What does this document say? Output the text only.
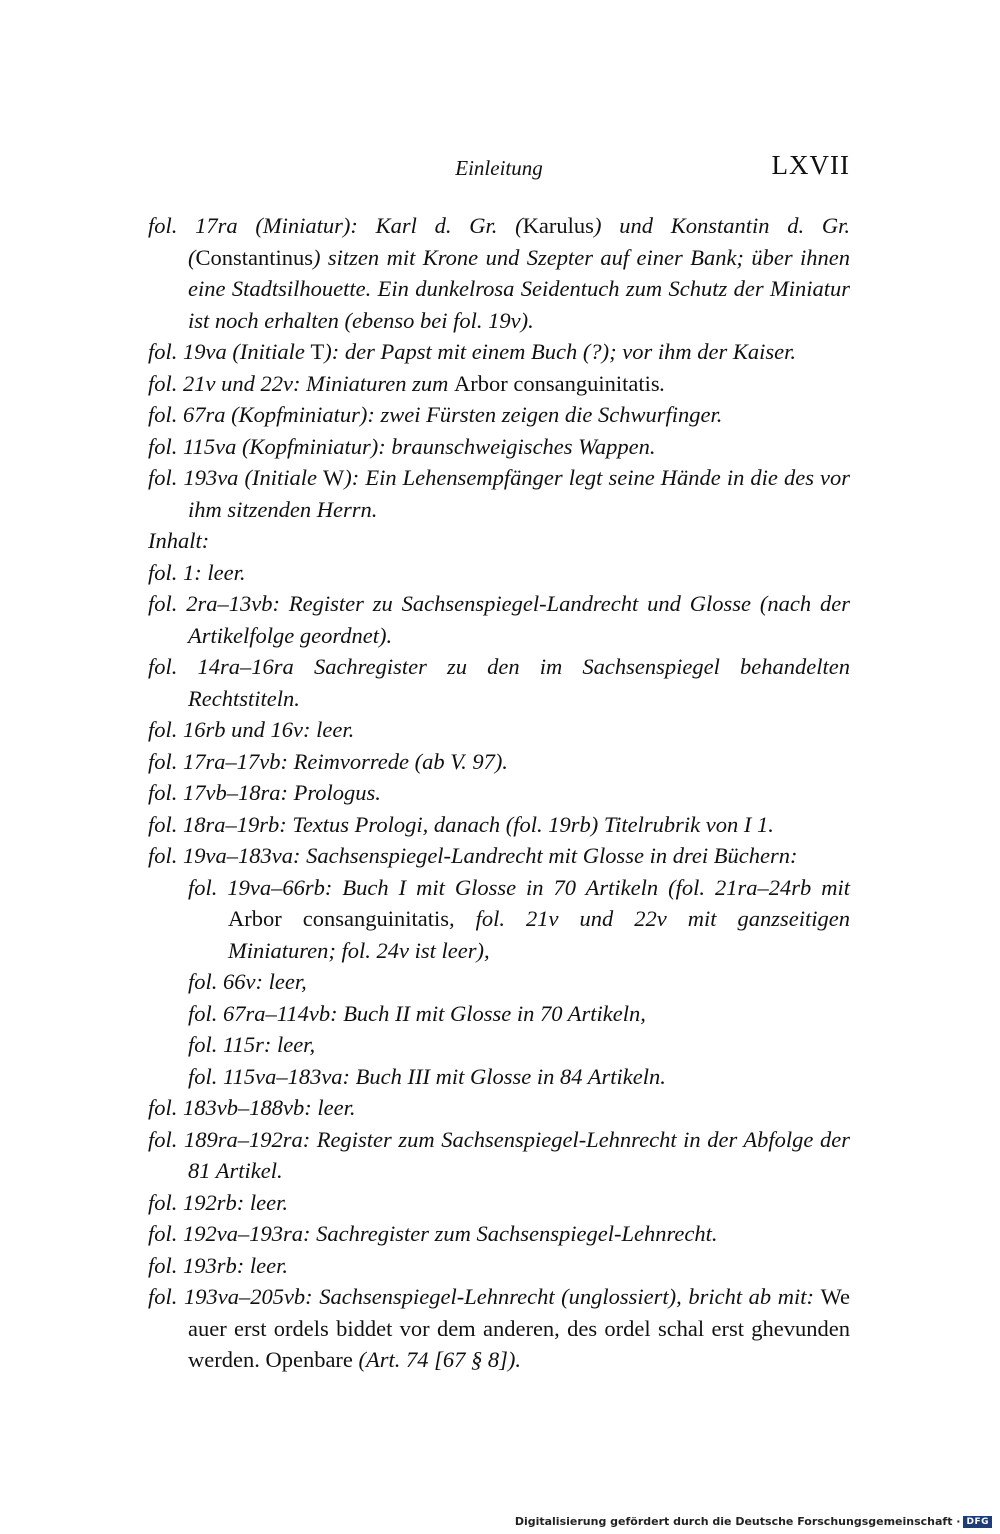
Einleitung	LXVII
fol. 17ra (Miniatur): Karl d. Gr. (Karulus) und Konstantin d. Gr. (Constantinus) sitzen mit Krone und Szepter auf einer Bank; über ihnen eine Stadtsilhouette. Ein dunkelrosa Seidentuch zum Schutz der Miniatur ist noch erhalten (ebenso bei fol. 19v).
fol. 19va (Initiale T): der Papst mit einem Buch (?); vor ihm der Kaiser.
fol. 21v und 22v: Miniaturen zum Arbor consanguinitatis.
fol. 67ra (Kopfminiatur): zwei Fürsten zeigen die Schwurfinger.
fol. 115va (Kopfminiatur): braunschweigisches Wappen.
fol. 193va (Initiale W): Ein Lehensempfänger legt seine Hände in die des vor ihm sitzenden Herrn.
Inhalt:
fol. 1: leer.
fol. 2ra–13vb: Register zu Sachsenspiegel-Landrecht und Glosse (nach der Artikelfolge geordnet).
fol. 14ra–16ra Sachregister zu den im Sachsenspiegel behandelten Rechtstiteln.
fol. 16rb und 16v: leer.
fol. 17ra–17vb: Reimvorrede (ab V. 97).
fol. 17vb–18ra: Prologus.
fol. 18ra–19rb: Textus Prologi, danach (fol. 19rb) Titelrubrik von I 1.
fol. 19va–183va: Sachsenspiegel-Landrecht mit Glosse in drei Büchern:
fol. 19va–66rb: Buch I mit Glosse in 70 Artikeln (fol. 21ra–24rb mit Arbor consanguinitatis, fol. 21v und 22v mit ganzseitigen Miniaturen; fol. 24v ist leer),
fol. 66v: leer,
fol. 67ra–114vb: Buch II mit Glosse in 70 Artikeln,
fol. 115r: leer,
fol. 115va–183va: Buch III mit Glosse in 84 Artikeln.
fol. 183vb–188vb: leer.
fol. 189ra–192ra: Register zum Sachsenspiegel-Lehnrecht in der Abfolge der 81 Artikel.
fol. 192rb: leer.
fol. 192va–193ra: Sachregister zum Sachsenspiegel-Lehnrecht.
fol. 193rb: leer.
fol. 193va–205vb: Sachsenspiegel-Lehnrecht (unglossiert), bricht ab mit: We auer erst ordels biddet vor dem anderen, des ordel schal erst ghevunden werden. Openbare (Art. 74 [67 § 8]).
Digitalisierung gefördert durch die Deutsche Forschungsgemeinschaft · DFG
